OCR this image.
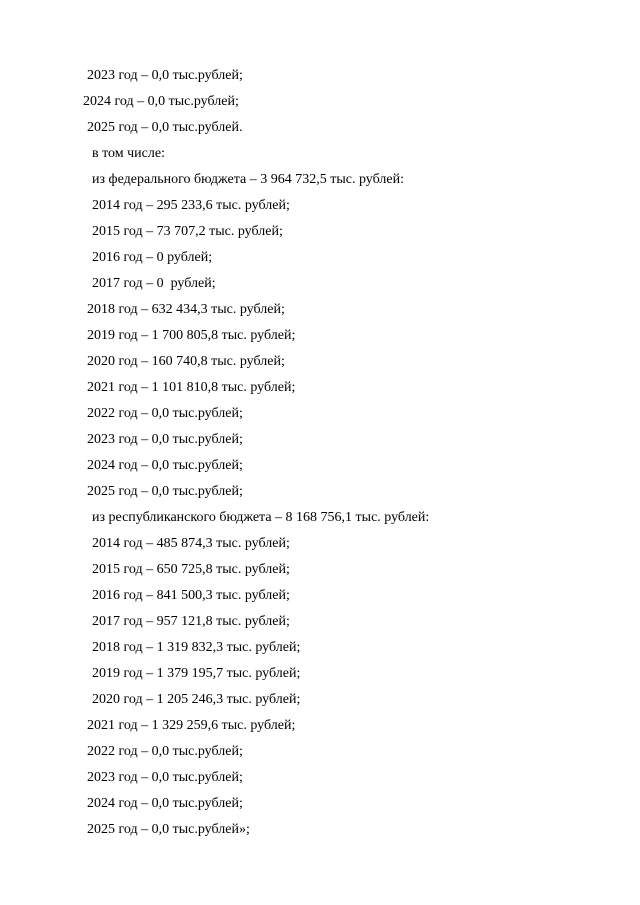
2023 год – 0,0 тыс.рублей;
2024 год – 0,0 тыс.рублей;
2025 год – 0,0 тыс.рублей.
в том числе:
из федерального бюджета – 3 964 732,5 тыс. рублей:
2014 год – 295 233,6 тыс. рублей;
2015 год – 73 707,2 тыс. рублей;
2016 год – 0 рублей;
2017 год – 0  рублей;
2018 год – 632 434,3 тыс. рублей;
2019 год – 1 700 805,8 тыс. рублей;
2020 год – 160 740,8 тыс. рублей;
2021 год – 1 101 810,8 тыс. рублей;
2022 год – 0,0 тыс.рублей;
2023 год – 0,0 тыс.рублей;
2024 год – 0,0 тыс.рублей;
2025 год – 0,0 тыс.рублей;
из республиканского бюджета – 8 168 756,1 тыс. рублей:
2014 год – 485 874,3 тыс. рублей;
2015 год – 650 725,8 тыс. рублей;
2016 год – 841 500,3 тыс. рублей;
2017 год – 957 121,8 тыс. рублей;
2018 год – 1 319 832,3 тыс. рублей;
2019 год – 1 379 195,7 тыс. рублей;
2020 год – 1 205 246,3 тыс. рублей;
2021 год – 1 329 259,6 тыс. рублей;
2022 год – 0,0 тыс.рублей;
2023 год – 0,0 тыс.рублей;
2024 год – 0,0 тыс.рублей;
2025 год – 0,0 тыс.рублей»;
